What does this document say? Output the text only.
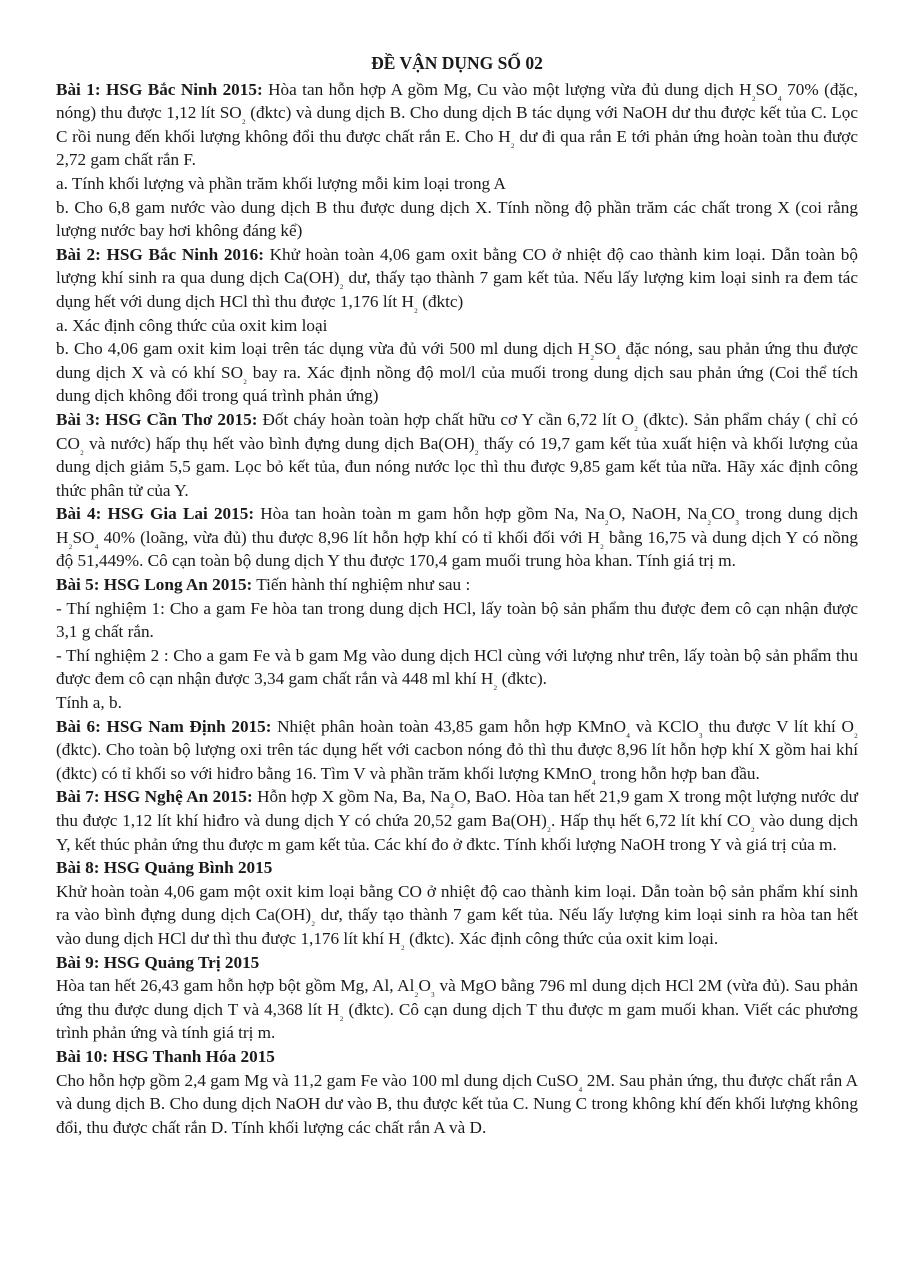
ĐỀ VẬN DỤNG SỐ 02

Bài 1: HSG Bắc Ninh 2015: Hòa tan hỗn hợp A gồm Mg, Cu vào một lượng vừa đủ dung dịch $H_{_2}SO_{_4}$ 70% (đặc, nóng) thu được 1,12 lít $SO_{_2}$ (đktc) và dung dịch B. Cho dung dịch B tác dụng với NaOH dư thu được kết tủa C. Lọc C rồi nung đến khối lượng không đổi thu được chất rắn E. Cho $H_{_2}$ dư đi qua rắn E tới phản ứng hoàn toàn thu được 2,72 gam chất rắn F.

a. Tính khối lượng và phần trăm khối lượng mỗi kim loại trong A

b. Cho 6,8 gam nước vào dung dịch B thu được dung dịch X. Tính nồng độ phần trăm các chất trong X (coi rằng lượng nước bay hơi không đáng kể)

Bài 2: HSG Bắc Ninh 2016: Khử hoàn toàn 4,06 gam oxit bằng CO ở nhiệt độ cao thành kim loại. Dẫn toàn bộ lượng khí sinh ra qua dung dịch $Ca(OH)_{_2}$ dư, thấy tạo thành 7 gam kết tủa. Nếu lấy lượng kim loại sinh ra đem tác dụng hết với dung dịch HCl thì thu được 1,176 lít $H_{_2}$ (đktc)

a. Xác định công thức của oxit kim loại

b. Cho 4,06 gam oxit kim loại trên tác dụng vừa đủ với 500 ml dung dịch $H_{_2}SO_{_4}$ đặc nóng, sau phản ứng thu được dung dịch X và có khí $SO_{_2}$ bay ra. Xác định nồng độ mol/l của muối trong dung dịch sau phản ứng (Coi thể tích dung dịch không đổi trong quá trình phản ứng)

Bài 3: HSG Cần Thơ 2015: Đốt cháy hoàn toàn hợp chất hữu cơ Y cần 6,72 lít $O_{_2}$ (đktc). Sản phẩm cháy ( chỉ có $CO_{_2}$ và nước) hấp thụ hết vào bình đựng dung dịch $Ba(OH)_{_2}$ thấy có 19,7 gam kết tủa xuất hiện và khối lượng của dung dịch giảm 5,5 gam. Lọc bỏ kết tủa, đun nóng nước lọc thì thu được 9,85 gam kết tủa nữa. Hãy xác định công thức phân tử của Y.

Bài 4: HSG Gia Lai 2015: Hòa tan hoàn toàn m gam hỗn hợp gồm Na, $Na_{_2}O$, NaOH, $Na_{_2}CO_{_3}$ trong dung dịch $H_{_2}SO_{_4}$ 40% (loãng, vừa đủ) thu được 8,96 lít hỗn hợp khí có tỉ khối đối với $H_{_2}$ bằng 16,75 và dung dịch Y có nồng độ 51,449%. Cô cạn toàn bộ dung dịch Y thu được 170,4 gam muối trung hòa khan. Tính giá trị m.

Bài 5: HSG Long An 2015: Tiến hành thí nghiệm như sau :

- Thí nghiệm 1: Cho a gam Fe hòa tan trong dung dịch HCl, lấy toàn bộ sản phẩm thu được đem cô cạn nhận được 3,1 g chất rắn.

- Thí nghiệm 2 : Cho a gam Fe và b gam Mg vào dung dịch HCl cùng với lượng như trên, lấy toàn bộ sản phẩm thu được đem cô cạn nhận được 3,34 gam chất rắn và 448 ml khí $H_{_2}$ (đktc).

Tính a, b.

Bài 6: HSG Nam Định 2015: Nhiệt phân hoàn toàn 43,85 gam hỗn hợp KMnO$_{_4}$ và KClO$_{_3}$ thu được V lít khí $O_{_2}$ (đktc). Cho toàn bộ lượng oxi trên tác dụng hết với cacbon nóng đỏ thì thu được 8,96 lít hỗn hợp khí X gồm hai khí (đktc) có tỉ khối so với hiđro bằng 16. Tìm V và phần trăm khối lượng KMnO$_{_4}$ trong hỗn hợp ban đầu.

Bài 7: HSG Nghệ An 2015: Hỗn hợp X gồm Na, Ba, $Na_{_2}O$, BaO. Hòa tan hết 21,9 gam X trong một lượng nước dư thu được 1,12 lít khí hiđro và dung dịch Y có chứa 20,52 gam $Ba(OH)_{_2}$. Hấp thụ hết 6,72 lít khí $CO_{_2}$ vào dung dịch Y, kết thúc phản ứng thu được m gam kết tủa. Các khí đo ở đktc. Tính khối lượng NaOH trong Y và giá trị của m.

Bài 8: HSG Quảng Bình 2015

Khử hoàn toàn 4,06 gam một oxit kim loại bằng CO ở nhiệt độ cao thành kim loại. Dẫn toàn bộ sản phẩm khí sinh ra vào bình đựng dung dịch $Ca(OH)_{_2}$ dư, thấy tạo thành 7 gam kết tủa. Nếu lấy lượng kim loại sinh ra hòa tan hết vào dung dịch HCl dư thì thu được 1,176 lít khí $H_{_2}$ (đktc). Xác định công thức của oxit kim loại.

Bài 9: HSG Quảng Trị 2015

Hòa tan hết 26,43 gam hỗn hợp bột gồm Mg, Al, $Al_{_2}O_{_3}$ và MgO bằng 796 ml dung dịch HCl 2M (vừa đủ). Sau phản ứng thu được dung dịch T và 4,368 lít $H_{_2}$ (đktc). Cô cạn dung dịch T thu được m gam muối khan. Viết các phương trình phản ứng và tính giá trị m.

Bài 10: HSG Thanh Hóa 2015

Cho hỗn hợp gồm 2,4 gam Mg và 11,2 gam Fe vào 100 ml dung dịch CuSO$_{_4}$ 2M. Sau phản ứng, thu được chất rắn A và dung dịch B. Cho dung dịch NaOH dư vào B, thu được kết tủa C. Nung C trong không khí đến khối lượng không đổi, thu được chất rắn D. Tính khối lượng các chất rắn A và D.
